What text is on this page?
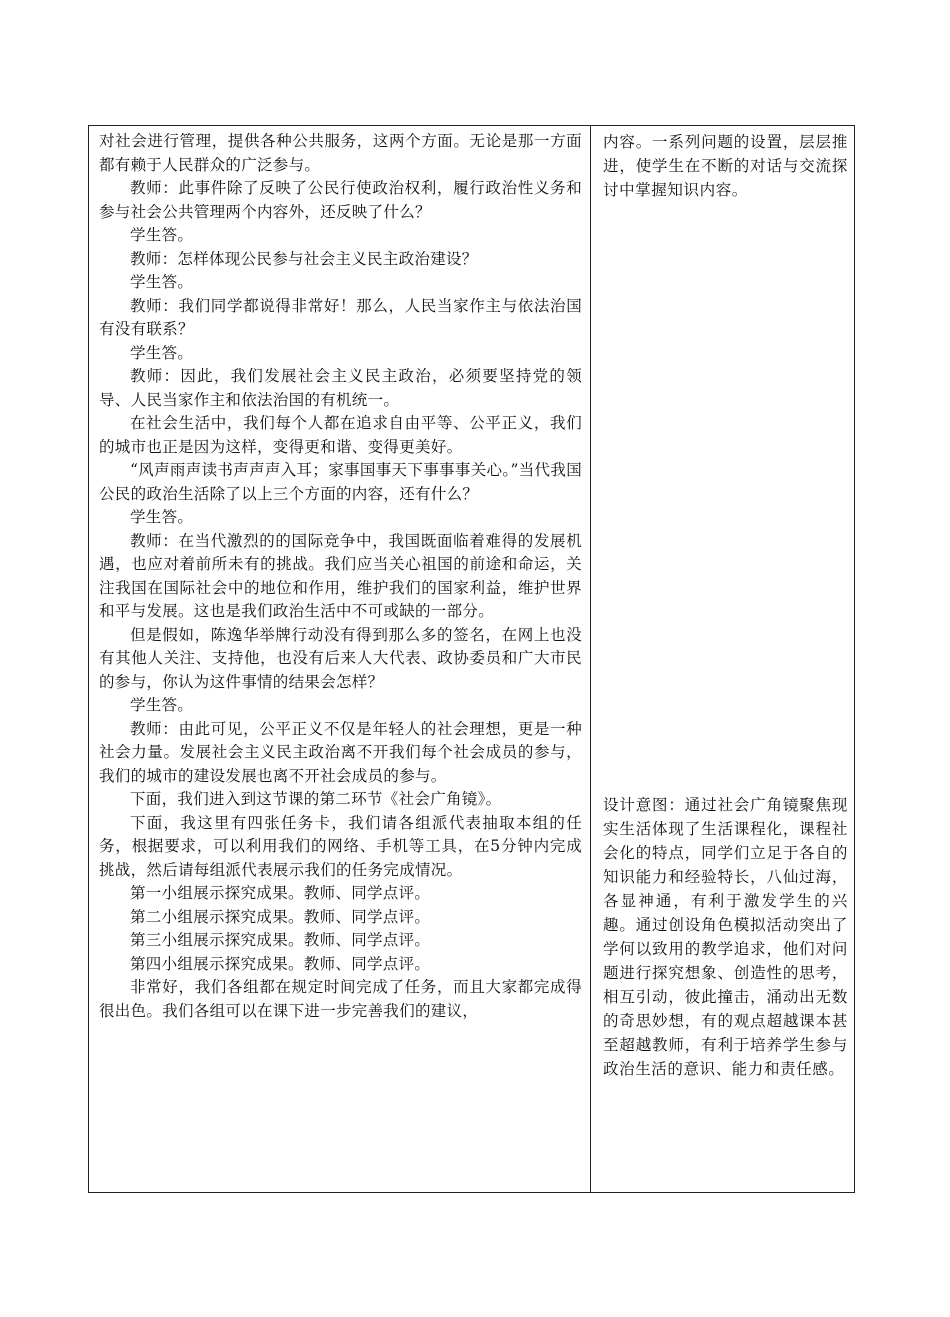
对社会进行管理，提供各种公共服务，这两个方面。无论是那一方面都有赖于人民群众的广泛参与。

教师：此事件除了反映了公民行使政治权利，履行政治性义务和参与社会公共管理两个内容外，还反映了什么？

学生答。

教师：怎样体现公民参与社会主义民主政治建设？

学生答。

教师：我们同学都说得非常好！那么，人民当家作主与依法治国有没有联系？

学生答。

教师：因此，我们发展社会主义民主政治，必须要坚持党的领导、人民当家作主和依法治国的有机统一。

在社会生活中，我们每个人都在追求自由平等、公平正义，我们的城市也正是因为这样，变得更和谐、变得更美好。

“风声雨声读书声声声入耳；家事国事天下事事事关心。”当代我国公民的政治生活除了以上三个方面的内容，还有什么？

学生答。

教师：在当代激烈的的国际竞争中，我国既面临着难得的发展机遇，也应对着前所未有的挑战。我们应当关心祖国的前途和命运，关注我国在国际社会中的地位和作用，维护我们的国家利益，维护世界和平与发展。这也是我们政治生活中不可或缺的一部分。

但是假如，陈逸华举牌行动没有得到那么多的签名，在网上也没有其他人关注、支持他，也没有后来人大代表、政协委员和广大市民的参与，你认为这件事情的结果会怎样？

学生答。

教师：由此可见，公平正义不仅是年轻人的社会理想，更是一种社会力量。发展社会主义民主政治离不开我们每个社会成员的参与，我们的城市的建设发展也离不开社会成员的参与。

下面，我们进入到这节课的第二环节《社会广角镜》。

下面，我这里有四张任务卡，我们请各组派代表抽取本组的任务，根据要求，可以利用我们的网络、手机等工具，在5分钟内完成挑战，然后请每组派代表展示我们的任务完成情况。

第一小组展示探究成果。教师、同学点评。

第二小组展示探究成果。教师、同学点评。

第三小组展示探究成果。教师、同学点评。

第四小组展示探究成果。教师、同学点评。

非常好，我们各组都在规定时间完成了任务，而且大家都完成得很出色。我们各组可以在课下进一步完善我们的建议，

内容。一系列问题的设置，层层推进，使学生在不断的对话与交流探讨中掌握知识内容。

设计意图：通过社会广角镜聚焦现实生活体现了生活课程化，课程社会化的特点，同学们立足于各自的知识能力和经验特长，八仙过海，各显神通，有利于激发学生的兴趣。通过创设角色模拟活动突出了学何以致用的教学追求，他们对问题进行探究想象、创造性的思考，相互引动，彼此撞击，涌动出无数的奇思妙想，有的观点超越课本甚至超越教师，有利于培养学生参与政治生活的意识、能力和责任感。
